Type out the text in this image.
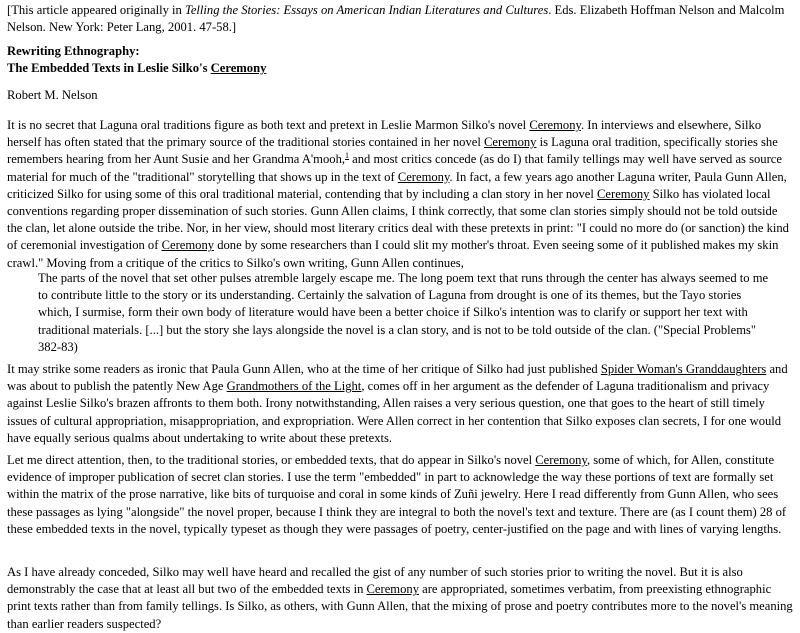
[This article appeared originally in Telling the Stories: Essays on American Indian Literatures and Cultures. Eds. Elizabeth Hoffman Nelson and Malcolm Nelson. New York: Peter Lang, 2001. 47-58.]

Rewriting Ethnography:
The Embedded Texts in Leslie Silko's Ceremony

Robert M. Nelson

It is no secret that Laguna oral traditions figure as both text and pretext in Leslie Marmon Silko's novel Ceremony. In interviews and elsewhere, Silko herself has often stated that the primary source of the traditional stories contained in her novel Ceremony is Laguna oral tradition, specifically stories she remembers hearing from her Aunt Susie and her Grandma A'mooh,$^1$ and most critics concede (as do I) that family tellings may well have served as source material for much of the "traditional" storytelling that shows up in the text of Ceremony. In fact, a few years ago another Laguna writer, Paula Gunn Allen, criticized Silko for using some of this oral traditional material, contending that by including a clan story in her novel Ceremony Silko has violated local conventions regarding proper dissemination of such stories. Gunn Allen claims, I think correctly, that some clan stories simply should not be told outside the clan, let alone outside the tribe. Nor, in her view, should most literary critics deal with these pretexts in print: "I could no more do (or sanction) the kind of ceremonial investigation of Ceremony done by some researchers than I could slit my mother's throat. Even seeing some of it published makes my skin crawl." Moving from a critique of the critics to Silko's own writing, Gunn Allen continues,

The parts of the novel that set other pulses atremble largely escape me. The long poem text that runs through the center has always seemed to me to contribute little to the story or its understanding. Certainly the salvation of Laguna from drought is one of its themes, but the Tayo stories which, I surmise, form their own body of literature would have been a better choice if Silko's intention was to clarify or support her text with traditional materials. [...] but the story she lays alongside the novel is a clan story, and is not to be told outside of the clan. ("Special Problems" 382-83)

It may strike some readers as ironic that Paula Gunn Allen, who at the time of her critique of Silko had just published Spider Woman's Granddaughters and was about to publish the patently New Age Grandmothers of the Light, comes off in her argument as the defender of Laguna traditionalism and privacy against Leslie Silko's brazen affronts to them both. Irony notwithstanding, Allen raises a very serious question, one that goes to the heart of still timely issues of cultural appropriation, misappropriation, and expropriation. Were Allen correct in her contention that Silko exposes clan secrets, I for one would have equally serious qualms about undertaking to write about these pretexts.

Let me direct attention, then, to the traditional stories, or embedded texts, that do appear in Silko's novel Ceremony, some of which, for Allen, constitute evidence of improper publication of secret clan stories. I use the term "embedded" in part to acknowledge the way these portions of text are formally set within the matrix of the prose narrative, like bits of turquoise and coral in some kinds of Zuñi jewelry. Here I read differently from Gunn Allen, who sees these passages as lying "alongside" the novel proper, because I think they are integral to both the novel's text and texture. There are (as I count them) 28 of these embedded texts in the novel, typically typeset as though they were passages of poetry, center-justified on the page and with lines of varying lengths.

As I have already conceded, Silko may well have heard and recalled the gist of any number of such stories prior to writing the novel. But it is also demonstrably the case that at least all but two of the embedded texts in Ceremony are appropriated, sometimes verbatim, from preexisting ethnographic print texts rather than from family tellings. Is Silko, as others, with Gunn Allen, that the mixing of prose and poetry contributes more to the novel's meaning than earlier readers suspected?
